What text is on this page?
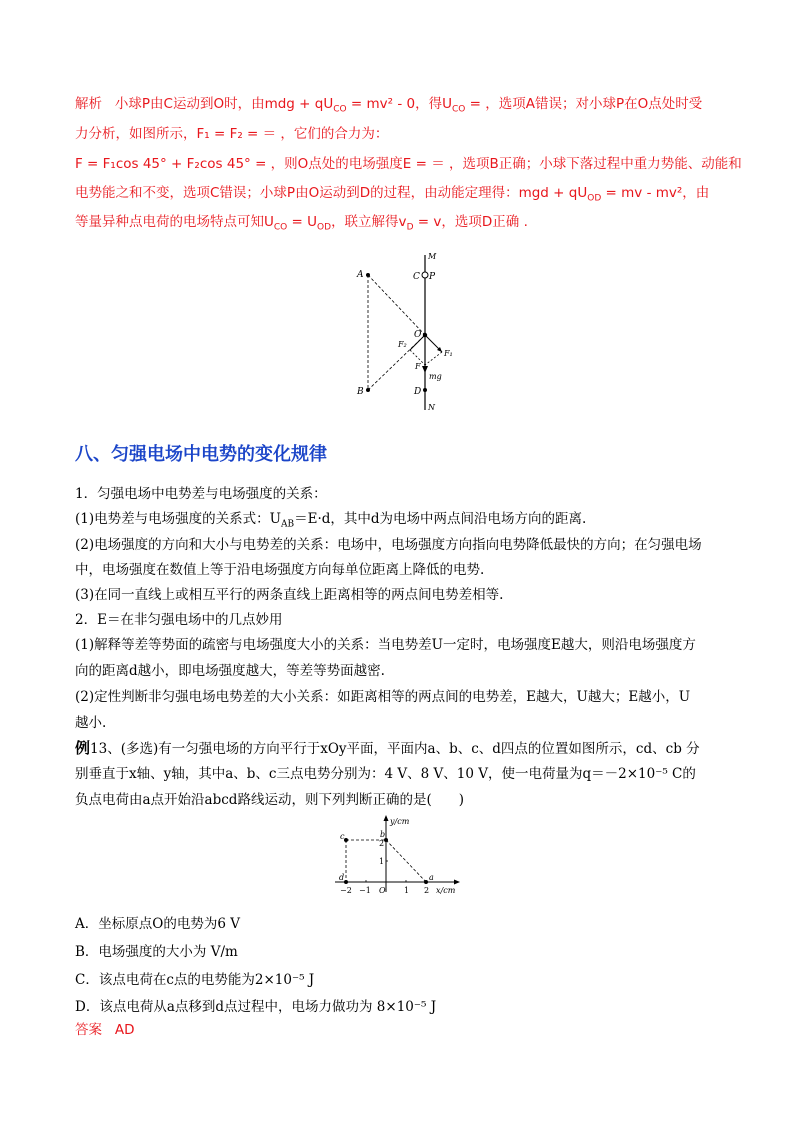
解析 小球P由C运动到O时，由mdg + $qU_{CO} = mv^2 - 0$，得$U_{CO}$ = ，选项A错误；对小球P在O点处时受
力分析，如图所示，F₁ = F₂ = ＝ ，它们的合力为：
F = F₁cos 45° + F₂cos 45° = ，则O点处的电场强度E = ＝ ，选项B正确；小球下落过程中重力势能、动能和
电势能之和不变，选项C错误；小球P由O运动到D的过程，由动能定理得：mgd + $qU_{OD}$ = mv - mv²，由
等量异种点电荷的电场特点可知$U_{CO} = U_{OD}$，联立解得$v_D = v$，选项D正确 .
A
B
C P
M
O
F₂
F₁
F
mg
D
N
八、匀强电场中电势的变化规律
1．匀强电场中电势差与电场强度的关系：
(1)电势差与电场强度的关系式：$U_{AB}=E\cdot d$，其中d为电场中两点间沿电场方向的距离.
(2)电场强度的方向和大小与电势差的关系：电场中，电场强度方向指向电势降低最快的方向；在匀强电场
中，电场强度在数值上等于沿电场强度方向每单位距离上降低的电势.
(3)在同一直线上或相互平行的两条直线上距离相等的两点间电势差相等.
2．E＝在非匀强电场中的几点妙用
(1)解释等差等势面的疏密与电场强度大小的关系：当电势差U一定时，电场强度E越大，则沿电场强度方
向的距离d越小，即电场强度越大，等差等势面越密.
(2)定性判断非匀强电场电势差的大小关系：如距离相等的两点间的电势差，E越大，U越大；E越小，U
越小.
例13、(多选)有一匀强电场的方向平行于xOy平面，平面内a、b、c、d四点的位置如图所示，cd、cb 分
别垂直于x轴、y轴，其中a、b、c三点电势分别为：4 V、8 V、10 V，使一电荷量为q＝－2×10⁻⁵ C的
负点电荷由a点开始沿abcd路线运动，则下列判断正确的是(　　)
y/cm
x/cm
−2 −1	1 2
1
2
O
a
b
c
d
A．坐标原点O的电势为6 V
B．电场强度的大小为 V/m
C．该点电荷在c点的电势能为2×10⁻⁵ J
D．该点电荷从a点移到d点过程中，电场力做功为 8×10⁻⁵ J
答案 AD
